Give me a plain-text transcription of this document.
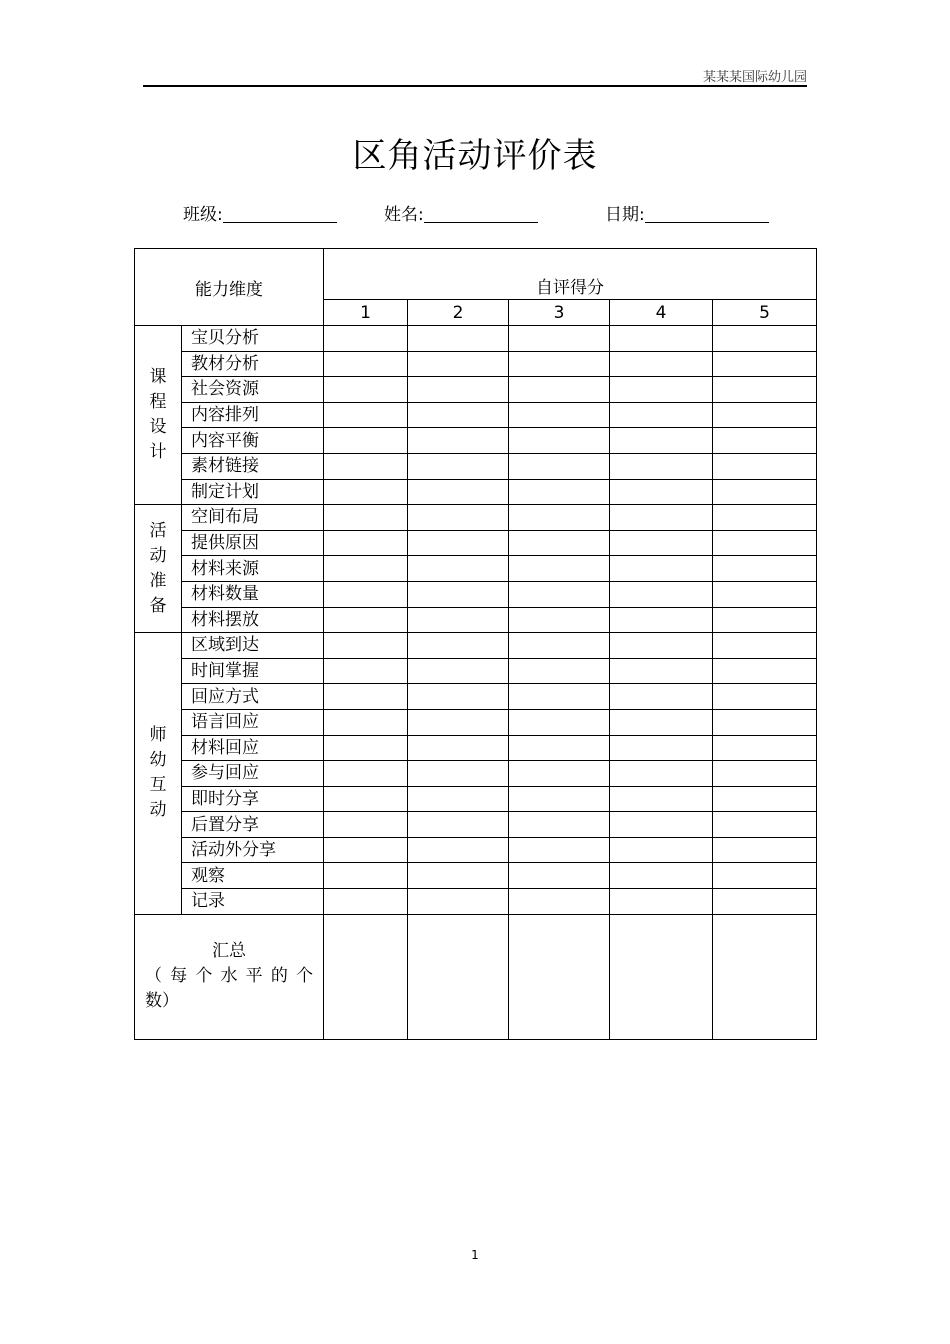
某某某国际幼儿园
区角活动评价表
班级:	姓名:	日期:
能力维度		自评得分				
		1	2	3	4	5

课
程
设
计	宝贝分析					
	教材分析					
	社会资源					
	内容排列					
	内容平衡					
	素材链接					
	制定计划					

活
动
准
备	空间布局					
	提供原因					
	材料来源					
	材料数量					
	材料摆放					

师
幼
互
动	区域到达					
	时间掌握					
	回应方式					
	语言回应					
	材料回应					
	参与回应					
	即时分享					
	后置分享					
	活动外分享					
	观察					
	记录					

汇总
（每个水平的个
数）						

1
